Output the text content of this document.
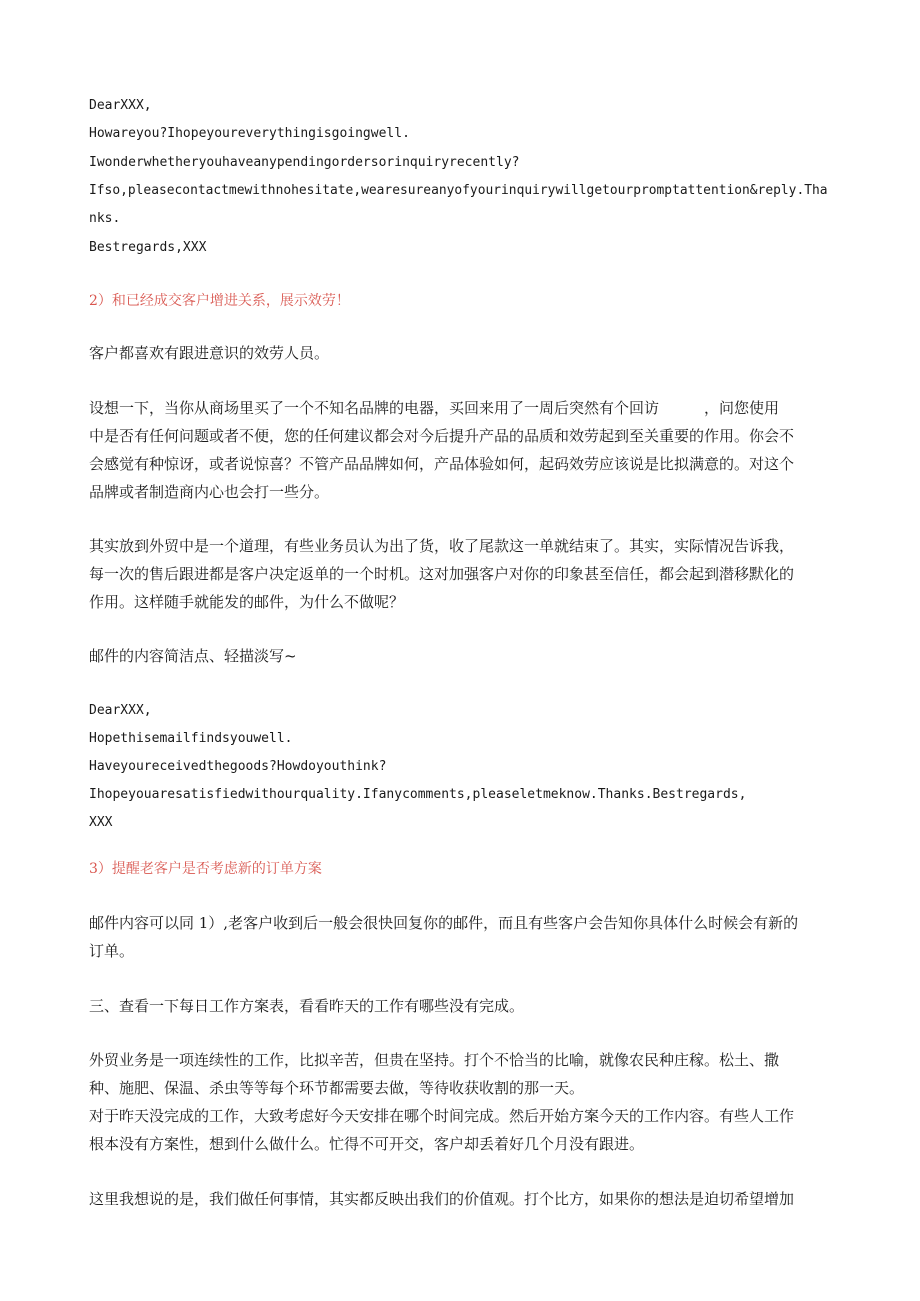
DearXXX,
Howareyou?Ihopeyoureverythingisgoingwell.
Iwonderwhetheryouhaveanypendingordersorinquiryrecently?
Ifso,pleasecontactmewithnohesitate,wearesureanyofyourinquirywillgetourpromptattention&reply.Tha
nks.
Bestregards,XXX
2）和已经成交客户增进关系，展示效劳！
客户都喜欢有跟进意识的效劳人员。
设想一下，当你从商场里买了一个不知名品牌的电器，买回来用了一周后突然有个回访　　　，问您使用
中是否有任何问题或者不便，您的任何建议都会对今后提升产品的品质和效劳起到至关重要的作用。你会不
会感觉有种惊讶，或者说惊喜？不管产品品牌如何，产品体验如何，起码效劳应该说是比拟满意的。对这个
品牌或者制造商内心也会打一些分。
其实放到外贸中是一个道理，有些业务员认为出了货，收了尾款这一单就结束了。其实，实际情况告诉我，
每一次的售后跟进都是客户决定返单的一个时机。这对加强客户对你的印象甚至信任，都会起到潜移默化的
作用。这样随手就能发的邮件，为什么不做呢？
邮件的内容简洁点、轻描淡写~
DearXXX,
Hopethisemailfindsyouwell.
Haveyoureceivedthegoods?Howdoyouthink?
Ihopeyouaresatisfiedwithourquality.Ifanycomments,pleaseletmeknow.Thanks.Bestregards,
XXX
3）提醒老客户是否考虑新的订单方案
邮件内容可以同 1）,老客户收到后一般会很快回复你的邮件，而且有些客户会告知你具体什么时候会有新的
订单。
三、查看一下每日工作方案表，看看昨天的工作有哪些没有完成。
外贸业务是一项连续性的工作，比拟辛苦，但贵在坚持。打个不恰当的比喻，就像农民种庄稼。松土、撒
种、施肥、保温、杀虫等等每个环节都需要去做，等待收获收割的那一天。
对于昨天没完成的工作，大致考虑好今天安排在哪个时间完成。然后开始方案今天的工作内容。有些人工作
根本没有方案性，想到什么做什么。忙得不可开交，客户却丢着好几个月没有跟进。
这里我想说的是，我们做任何事情，其实都反映出我们的价值观。打个比方，如果你的想法是迫切希望增加
